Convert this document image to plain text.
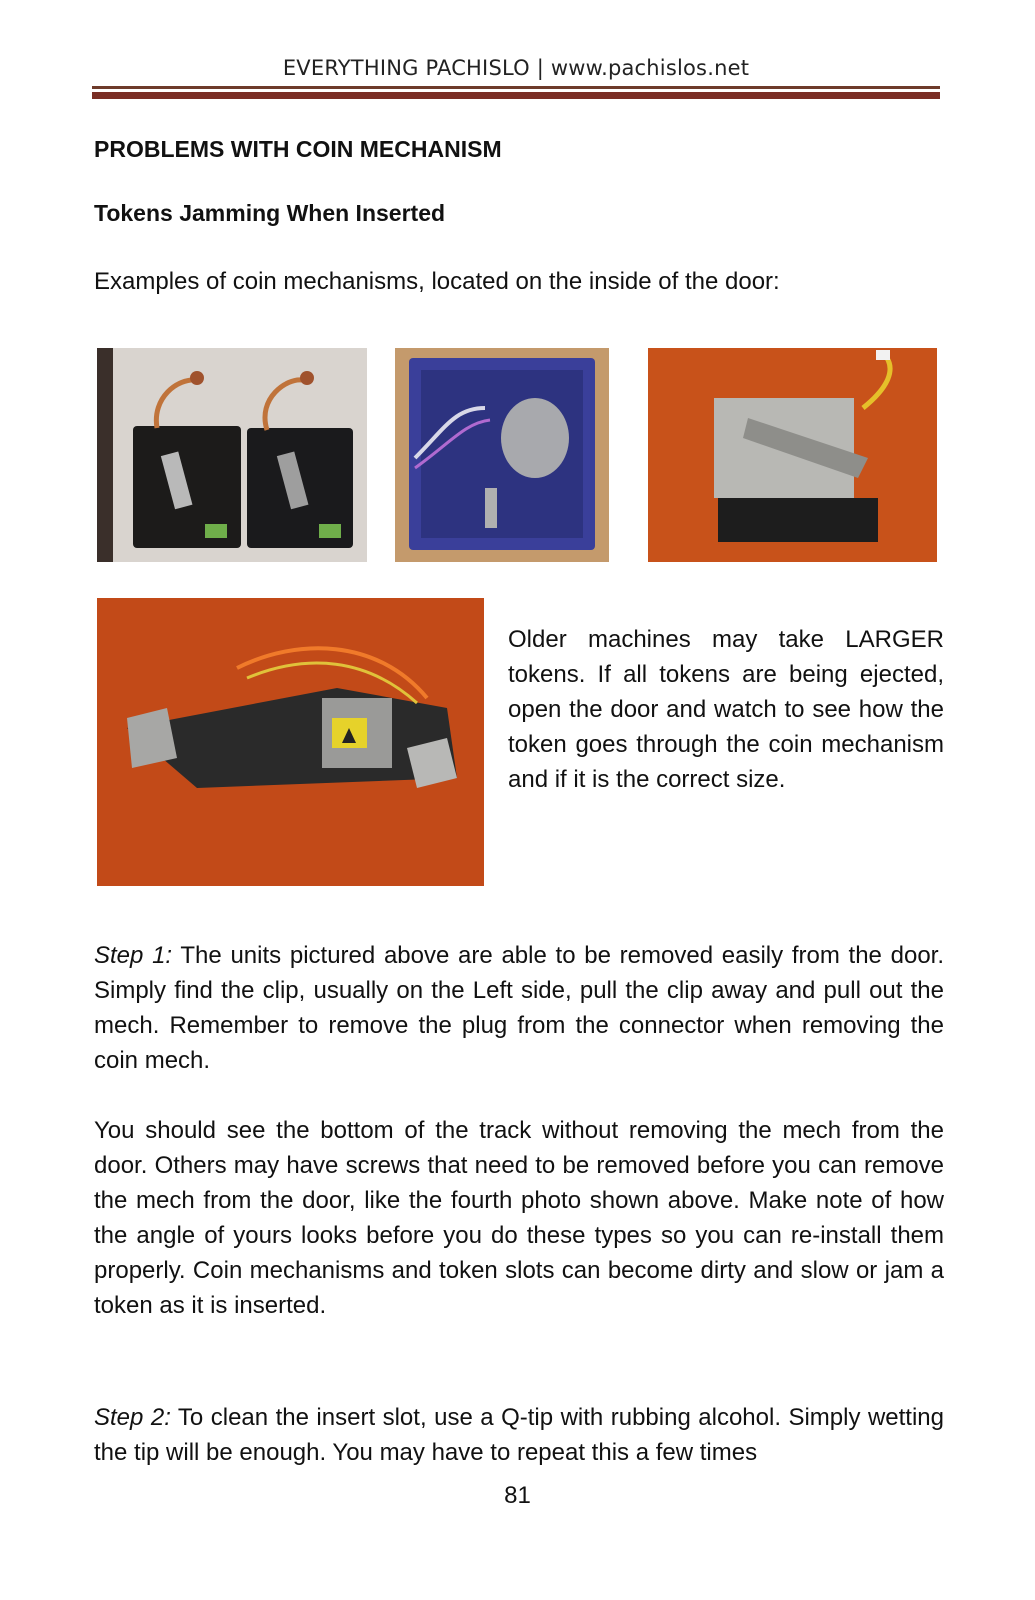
EVERYTHING PACHISLO | www.pachislos.net
PROBLEMS WITH COIN MECHANISM
Tokens Jamming When Inserted
Examples of coin mechanisms, located on the inside of the door:
Older machines may take LARGER tokens. If all tokens are being ejected, open the door and watch to see how the token goes through the coin mechanism and if it is the correct size.
Step 1: The units pictured above are able to be removed easily from the door. Simply find the clip, usually on the Left side, pull the clip away and pull out the mech. Remember to remove the plug from the connector when removing the coin mech.
You should see the bottom of the track without removing the mech from the door. Others may have screws that need to be removed before you can remove the mech from the door, like the fourth photo shown above. Make note of how the angle of yours looks before you do these types so you can re-install them properly. Coin mechanisms and token slots can become dirty and slow or jam a token as it is inserted.
Step 2: To clean the insert slot, use a Q-tip with rubbing alcohol. Simply wetting the tip will be enough. You may have to repeat this a few times
81
